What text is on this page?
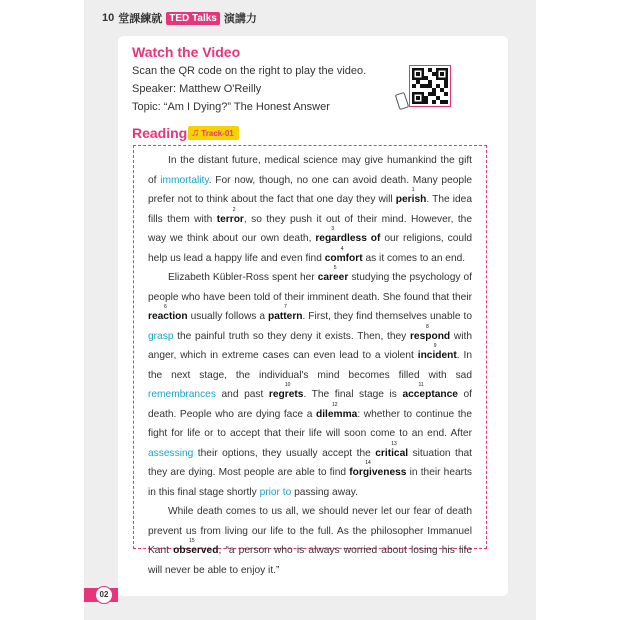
10 堂課練就 TED Talks 演講力
Watch the Video
Scan the QR code on the right to play the video.
Speaker: Matthew O'Reilly
Topic: “Am I Dying?” The Honest Answer
Reading ♫ Track-01

In the distant future, medical science may give humankind the gift of immortality. For now, though, no one can avoid death. Many people prefer not to think about the fact that one day they will
1
perish. The idea fills them with
2
terror, so they push it out of their mind. However, the way we think about our own death,
3
regardless of our religions, could help us lead a happy life and even find
4
comfort as it comes to an end.

Elizabeth Kübler-Ross spent her
5
career studying the psychology of people who have been told of their imminent death. She found that their
6
reaction usually follows a
7
pattern. First, they find themselves unable to grasp the painful truth so they deny it exists. Then, they
8
respond with anger, which in extreme cases can even lead to a violent
9
incident. In the next stage, the individual's mind becomes filled with sad remembrances and past
10
regrets. The final stage is
11
acceptance of death. People who are dying face a
12
dilemma: whether to continue the fight for life or to accept that their life will soon come to an end. After assessing their options, they usually accept the
13
critical situation that they are dying. Most people are able to find
14
forgiveness in their hearts in this final stage shortly prior to passing away.

While death comes to us all, we should never let our fear of death prevent us from living our life to the full. As the philosopher Immanuel Kant
15
observed, “a person who is always worried about losing his life will never be able to enjoy it.”

02
